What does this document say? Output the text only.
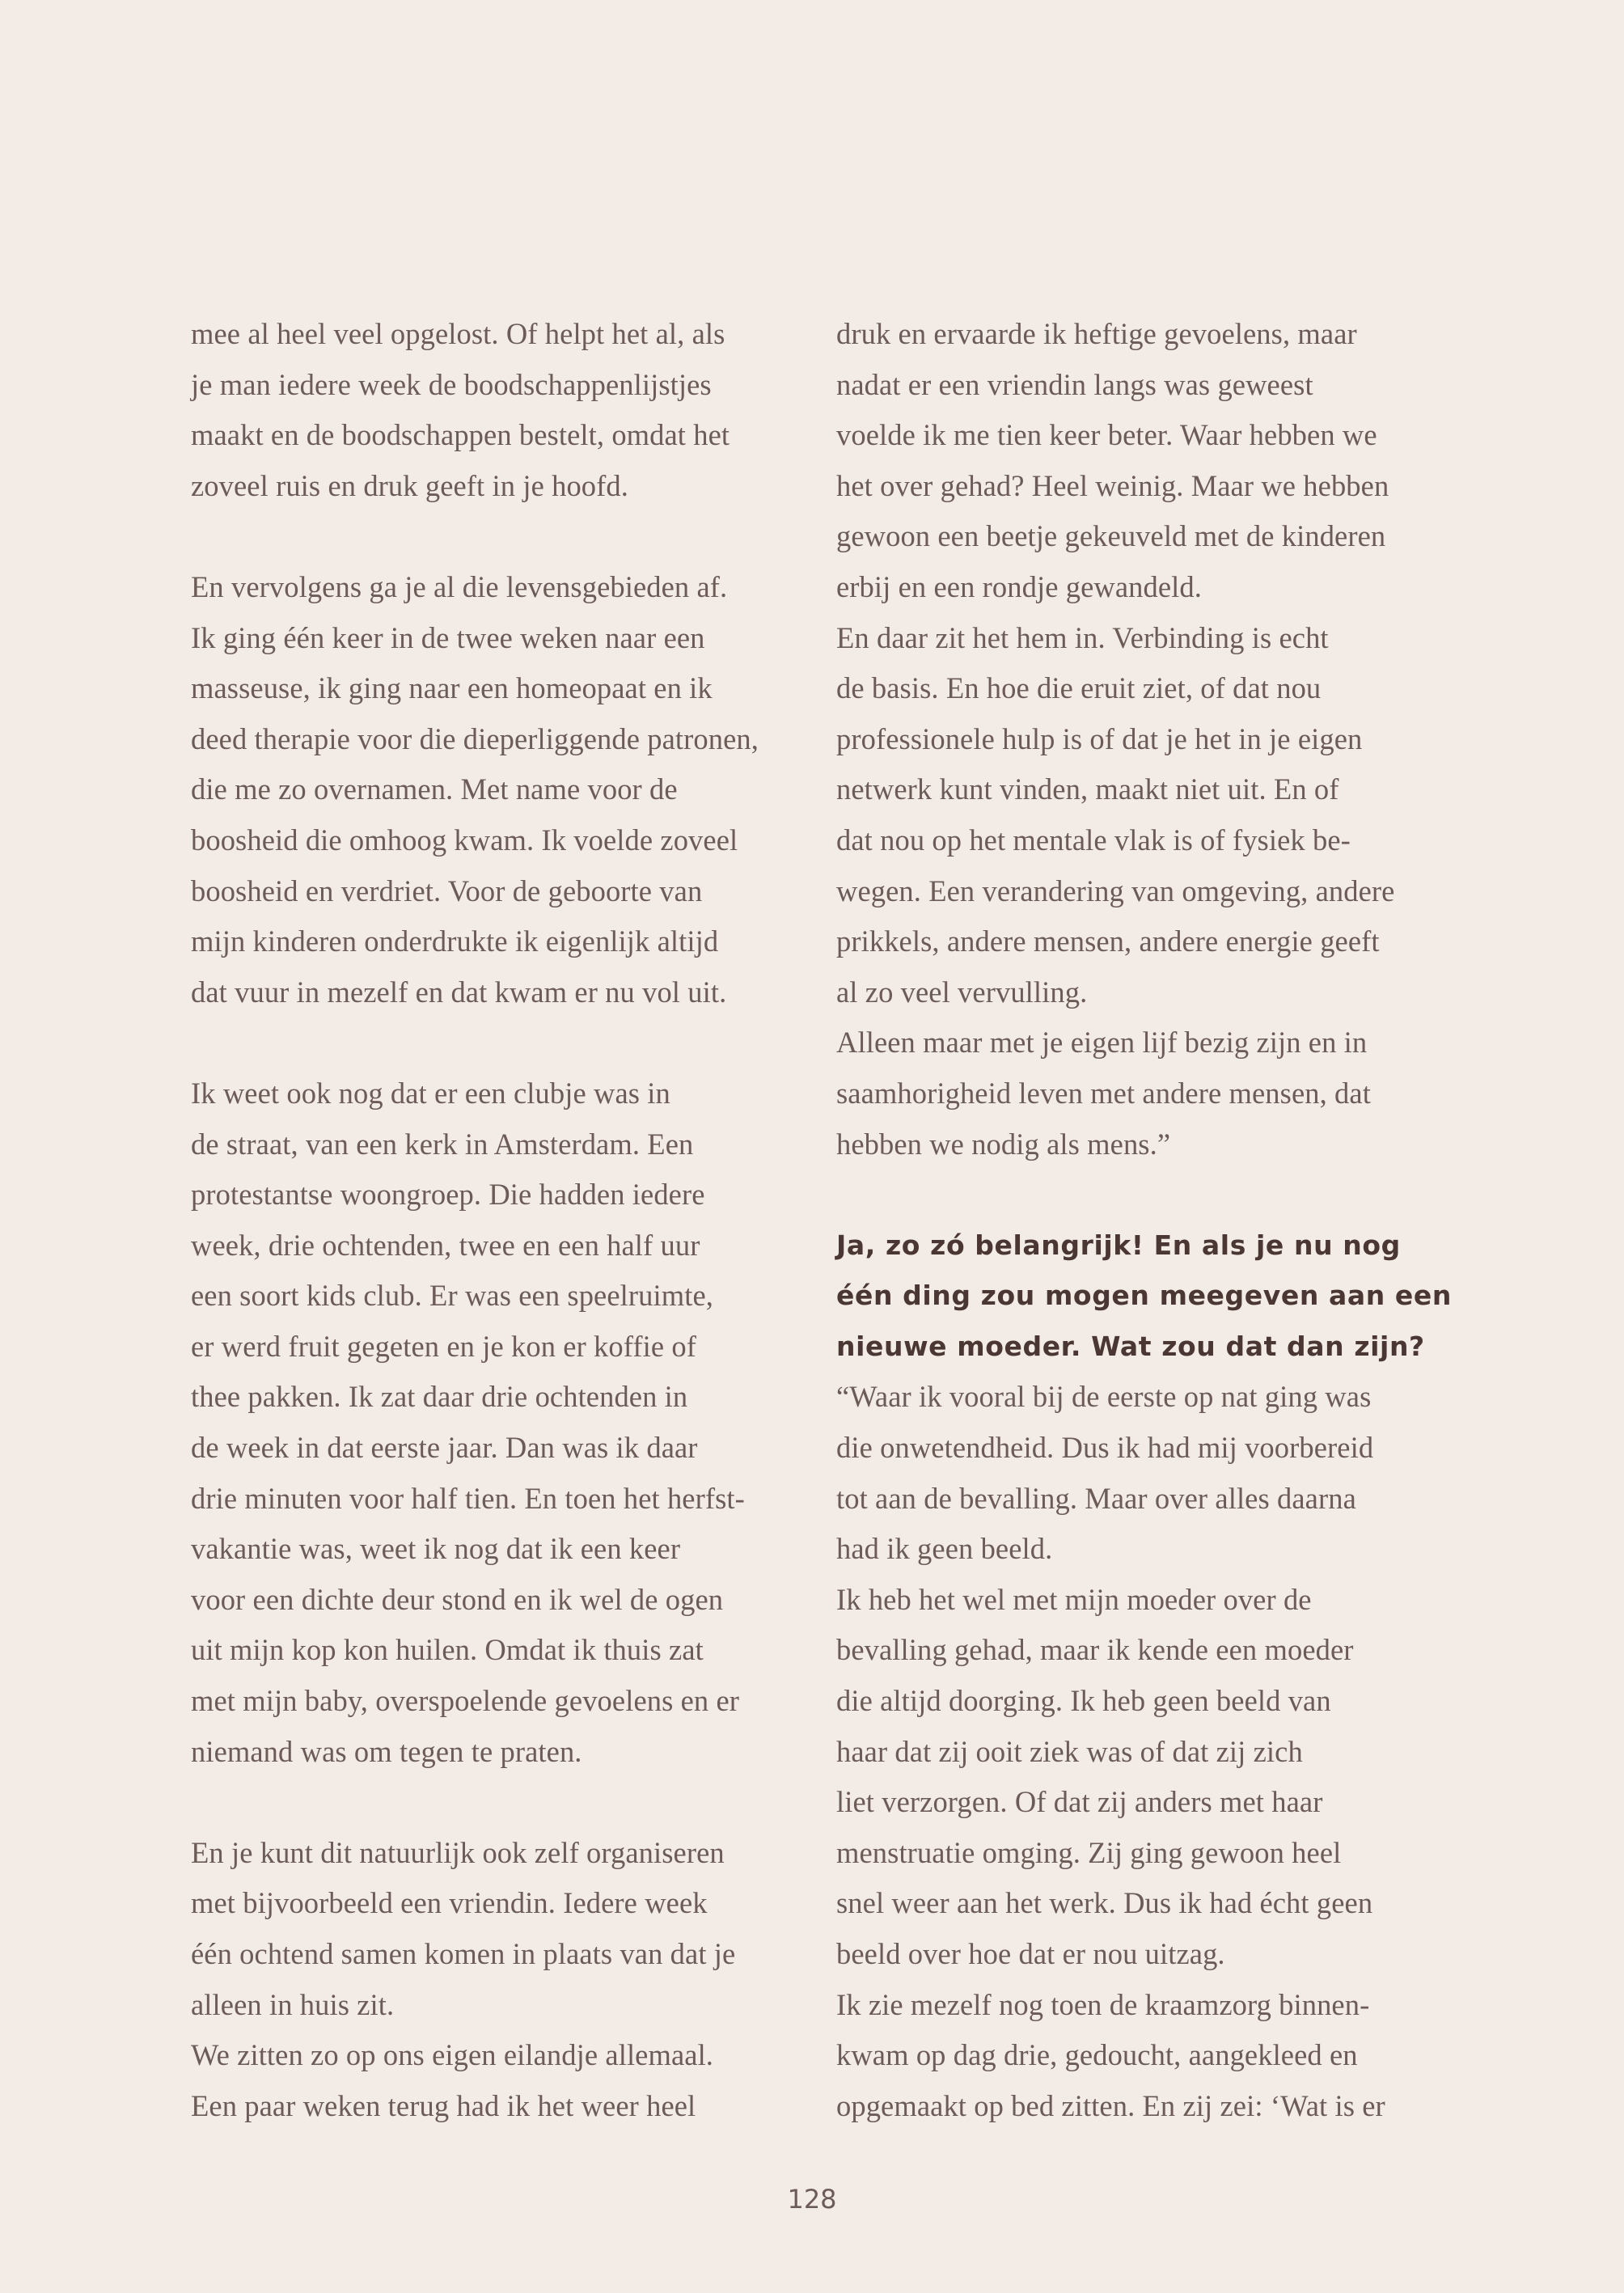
mee al heel veel opgelost. Of helpt het al, als
je man iedere week de boodschappenlijstjes
maakt en de boodschappen bestelt, omdat het
zoveel ruis en druk geeft in je hoofd.
En vervolgens ga je al die levensgebieden af.
Ik ging één keer in de twee weken naar een
masseuse, ik ging naar een homeopaat en ik
deed therapie voor die dieperliggende patronen,
die me zo overnamen. Met name voor de
boosheid die omhoog kwam. Ik voelde zoveel
boosheid en verdriet. Voor de geboorte van
mijn kinderen onderdrukte ik eigenlijk altijd
dat vuur in mezelf en dat kwam er nu vol uit.
Ik weet ook nog dat er een clubje was in
de straat, van een kerk in Amsterdam. Een
protestantse woongroep. Die hadden iedere
week, drie ochtenden, twee en een half uur
een soort kids club. Er was een speelruimte,
er werd fruit gegeten en je kon er koffie of
thee pakken. Ik zat daar drie ochtenden in
de week in dat eerste jaar. Dan was ik daar
drie minuten voor half tien. En toen het herfst-
vakantie was, weet ik nog dat ik een keer
voor een dichte deur stond en ik wel de ogen
uit mijn kop kon huilen. Omdat ik thuis zat
met mijn baby, overspoelende gevoelens en er
niemand was om tegen te praten.
En je kunt dit natuurlijk ook zelf organiseren
met bijvoorbeeld een vriendin. Iedere week
één ochtend samen komen in plaats van dat je
alleen in huis zit.
We zitten zo op ons eigen eilandje allemaal.
Een paar weken terug had ik het weer heel
druk en ervaarde ik heftige gevoelens, maar
nadat er een vriendin langs was geweest
voelde ik me tien keer beter. Waar hebben we
het over gehad? Heel weinig. Maar we hebben
gewoon een beetje gekeuveld met de kinderen
erbij en een rondje gewandeld.
En daar zit het hem in. Verbinding is echt
de basis. En hoe die eruit ziet, of dat nou
professionele hulp is of dat je het in je eigen
netwerk kunt vinden, maakt niet uit. En of
dat nou op het mentale vlak is of fysiek be-
wegen. Een verandering van omgeving, andere
prikkels, andere mensen, andere energie geeft
al zo veel vervulling.
Alleen maar met je eigen lijf bezig zijn en in
saamhorigheid leven met andere mensen, dat
hebben we nodig als mens.”
Ja, zo zó belangrijk! En als je nu nog
één ding zou mogen meegeven aan een
nieuwe moeder. Wat zou dat dan zijn?
“Waar ik vooral bij de eerste op nat ging was
die onwetendheid. Dus ik had mij voorbereid
tot aan de bevalling. Maar over alles daarna
had ik geen beeld.
Ik heb het wel met mijn moeder over de
bevalling gehad, maar ik kende een moeder
die altijd doorging. Ik heb geen beeld van
haar dat zij ooit ziek was of dat zij zich
liet verzorgen. Of dat zij anders met haar
menstruatie omging. Zij ging gewoon heel
snel weer aan het werk. Dus ik had écht geen
beeld over hoe dat er nou uitzag.
Ik zie mezelf nog toen de kraamzorg binnen-
kwam op dag drie, gedoucht, aangekleed en
opgemaakt op bed zitten. En zij zei: ‘Wat is er
128
